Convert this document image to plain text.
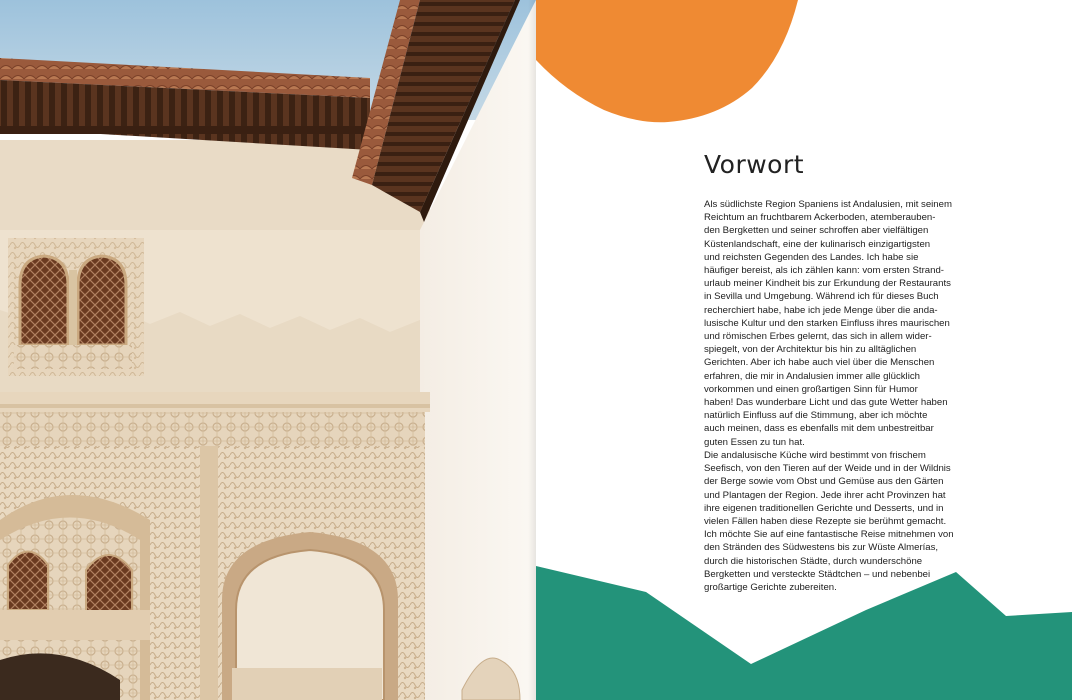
Vorwort

Als südlichste Region Spaniens ist Andalusien, mit seinem
Reichtum an fruchtbarem Ackerboden, atemberauben-
den Bergketten und seiner schroffen aber vielfältigen
Küstenlandschaft, eine der kulinarisch einzigartigsten
und reichsten Gegenden des Landes. Ich habe sie
häufiger bereist, als ich zählen kann: vom ersten Strand-
urlaub meiner Kindheit bis zur Erkundung der Restaurants
in Sevilla und Umgebung. Während ich für dieses Buch
recherchiert habe, habe ich jede Menge über die anda-
lusische Kultur und den starken Einfluss ihres maurischen
und römischen Erbes gelernt, das sich in allem wider-
spiegelt, von der Architektur bis hin zu alltäglichen
Gerichten. Aber ich habe auch viel über die Menschen
erfahren, die mir in Andalusien immer alle glücklich
vorkommen und einen großartigen Sinn für Humor
haben! Das wunderbare Licht und das gute Wetter haben
natürlich Einfluss auf die Stimmung, aber ich möchte
auch meinen, dass es ebenfalls mit dem unbestreitbar
guten Essen zu tun hat.

Die andalusische Küche wird bestimmt von frischem
Seefisch, von den Tieren auf der Weide und in der Wildnis
der Berge sowie vom Obst und Gemüse aus den Gärten
und Plantagen der Region. Jede ihrer acht Provinzen hat
ihre eigenen traditionellen Gerichte und Desserts, und in
vielen Fällen haben diese Rezepte sie berühmt gemacht.
Ich möchte Sie auf eine fantastische Reise mitnehmen von
den Stränden des Südwestens bis zur Wüste Almerías,
durch die historischen Städte, durch wunderschöne
Bergketten und versteckte Städtchen – und nebenbei
großartige Gerichte zubereiten.
